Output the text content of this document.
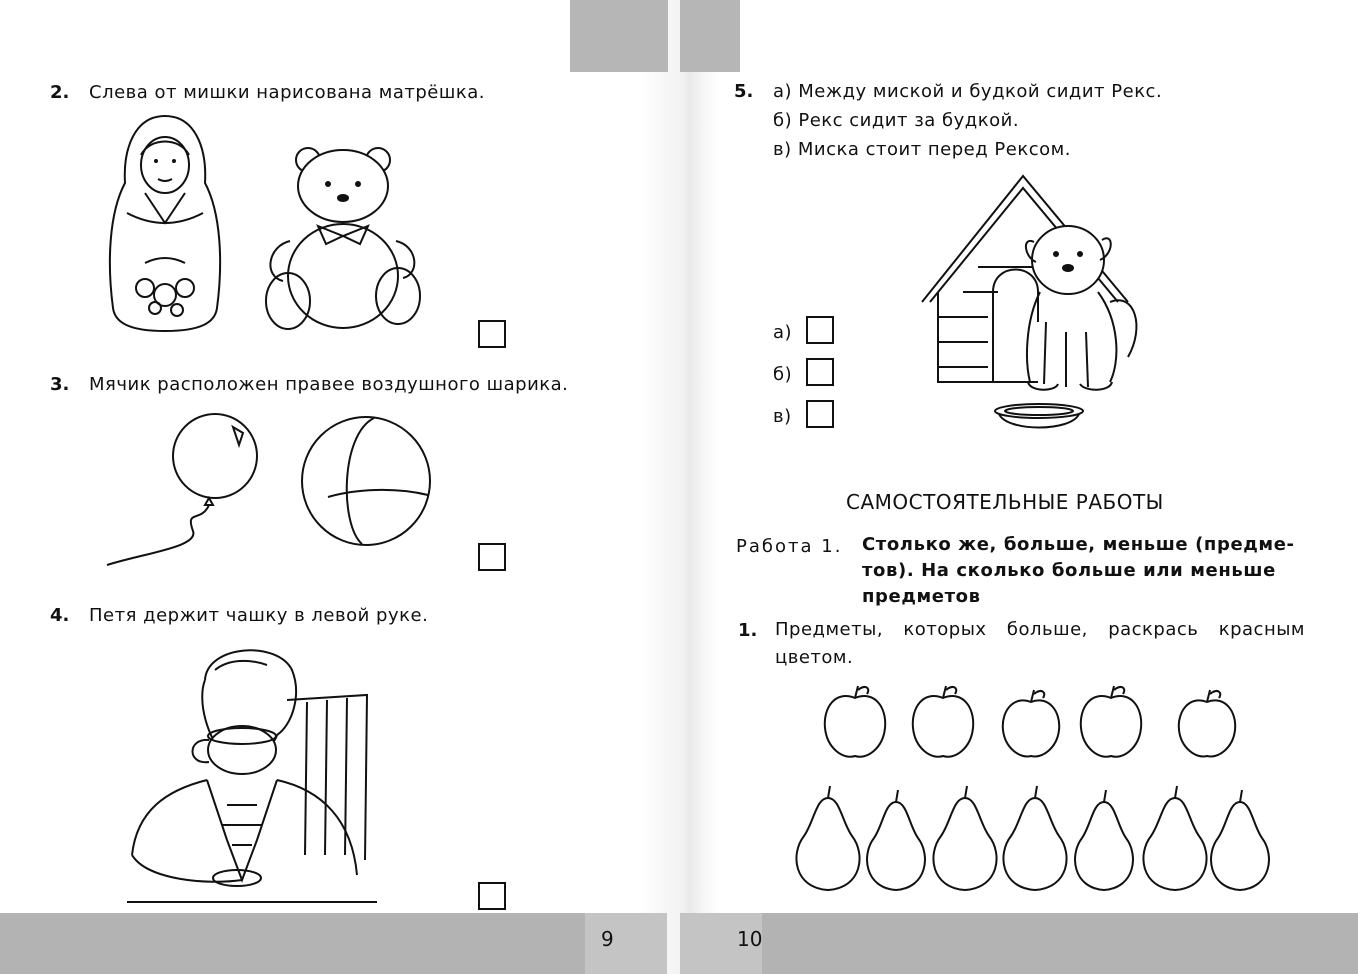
9	10
2. Слева от мишки нарисована матрёшка.
3. Мячик расположен правее воздушного шарика.
4. Петя держит чашку в левой руке.
5. а) Между миской и будкой сидит Рекс.
б) Рекс сидит за будкой.
в) Миска стоит перед Рексом.
а)
б)
в)
САМОСТОЯТЕЛЬНЫЕ РАБОТЫ
Работа 1. Столько же, больше, меньше (предме-
тов). На сколько больше или меньше
предметов
1. Предметы, которых больше, раскрась красным
цветом.
